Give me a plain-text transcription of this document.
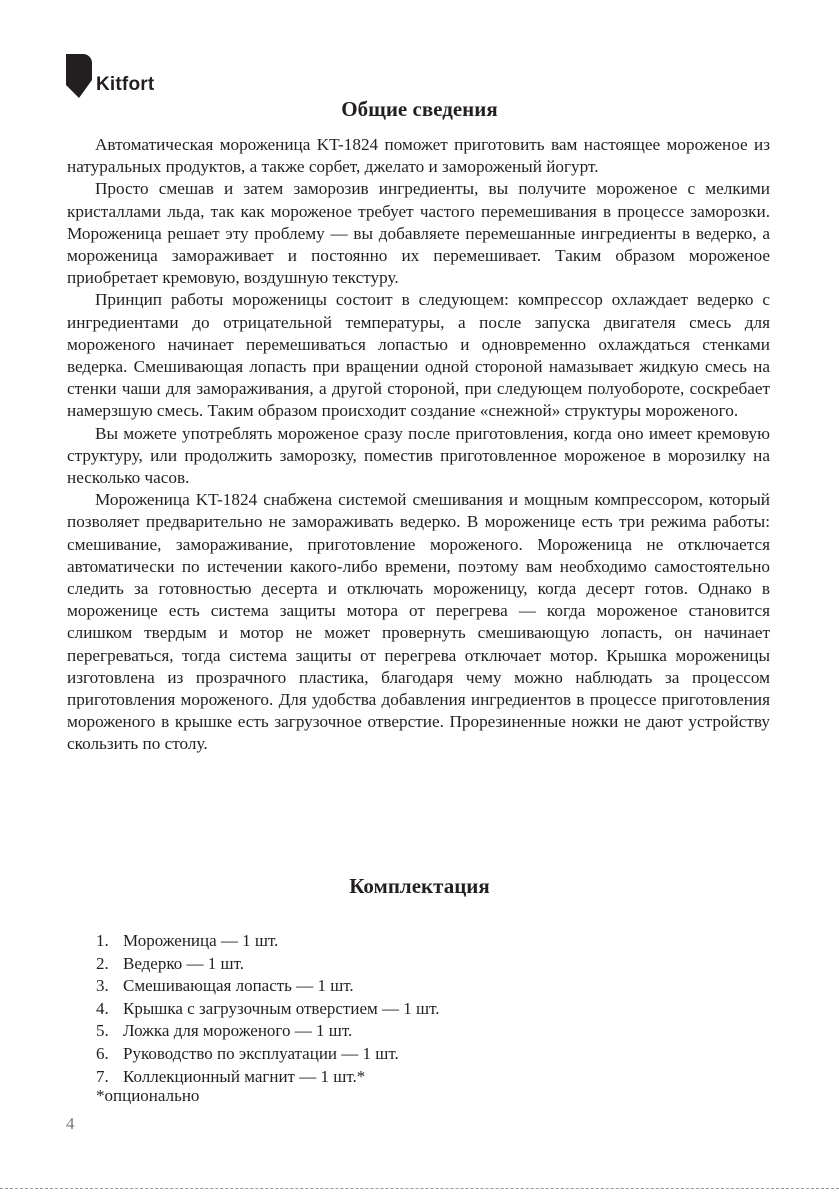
Kitfort
Общие сведения

Автоматическая мороженица KT-1824 поможет приготовить вам настоящее мороженое из натуральных продуктов, а также сорбет, джелато и замороженый йогурт.

Просто смешав и затем заморозив ингредиенты, вы получите мороженое с мелкими кристаллами льда, так как мороженое требует частого перемешивания в процессе заморозки. Мороженица решает эту проблему — вы добавляете перемешанные ингредиенты в ведерко, а мороженица замораживает и постоянно их перемешивает. Таким образом мороженое приобретает кремовую, воздушную текстуру.

Принцип работы мороженицы состоит в следующем: компрессор охлаждает ведерко с ингредиентами до отрицательной температуры, а после запуска двигателя смесь для мороженого начинает перемешиваться лопастью и одновременно охлаждаться стенками ведерка. Смешивающая лопасть при вращении одной стороной намазывает жидкую смесь на стенки чаши для замораживания, а другой стороной, при следующем полуобороте, соскребает намерзшую смесь. Таким образом происходит создание «снежной» структуры мороженого.

Вы можете употреблять мороженое сразу после приготовления, когда оно имеет кремовую структуру, или продолжить заморозку, поместив приготовленное мороженое в морозилку на несколько часов.

Мороженица KT-1824 снабжена системой смешивания и мощным компрессором, который позволяет предварительно не замораживать ведерко. В мороженице есть три режима работы: смешивание, замораживание, приготовление мороженого. Мороженица не отключается автоматически по истечении какого-либо времени, поэтому вам необходимо самостоятельно следить за готовностью десерта и отключать мороженицу, когда десерт готов. Однако в мороженице есть система защиты мотора от перегрева — когда мороженое становится слишком твердым и мотор не может провернуть смешивающую лопасть, он начинает перегреваться, тогда система защиты от перегрева отключает мотор. Крышка мороженицы изготовлена из прозрачного пластика, благодаря чему можно наблюдать за процессом приготовления мороженого. Для удобства добавления ингредиентов в процессе приготовления мороженого в крышке есть загрузочное отверстие. Прорезиненные ножки не дают устройству скользить по столу.

Комплектация
1. Мороженица — 1 шт.
2. Ведерко — 1 шт.
3. Смешивающая лопасть — 1 шт.
4. Крышка с загрузочным отверстием — 1 шт.
5. Ложка для мороженого — 1 шт.
6. Руководство по эксплуатации — 1 шт.
7. Коллекционный магнит — 1 шт.*

*опционально

4
